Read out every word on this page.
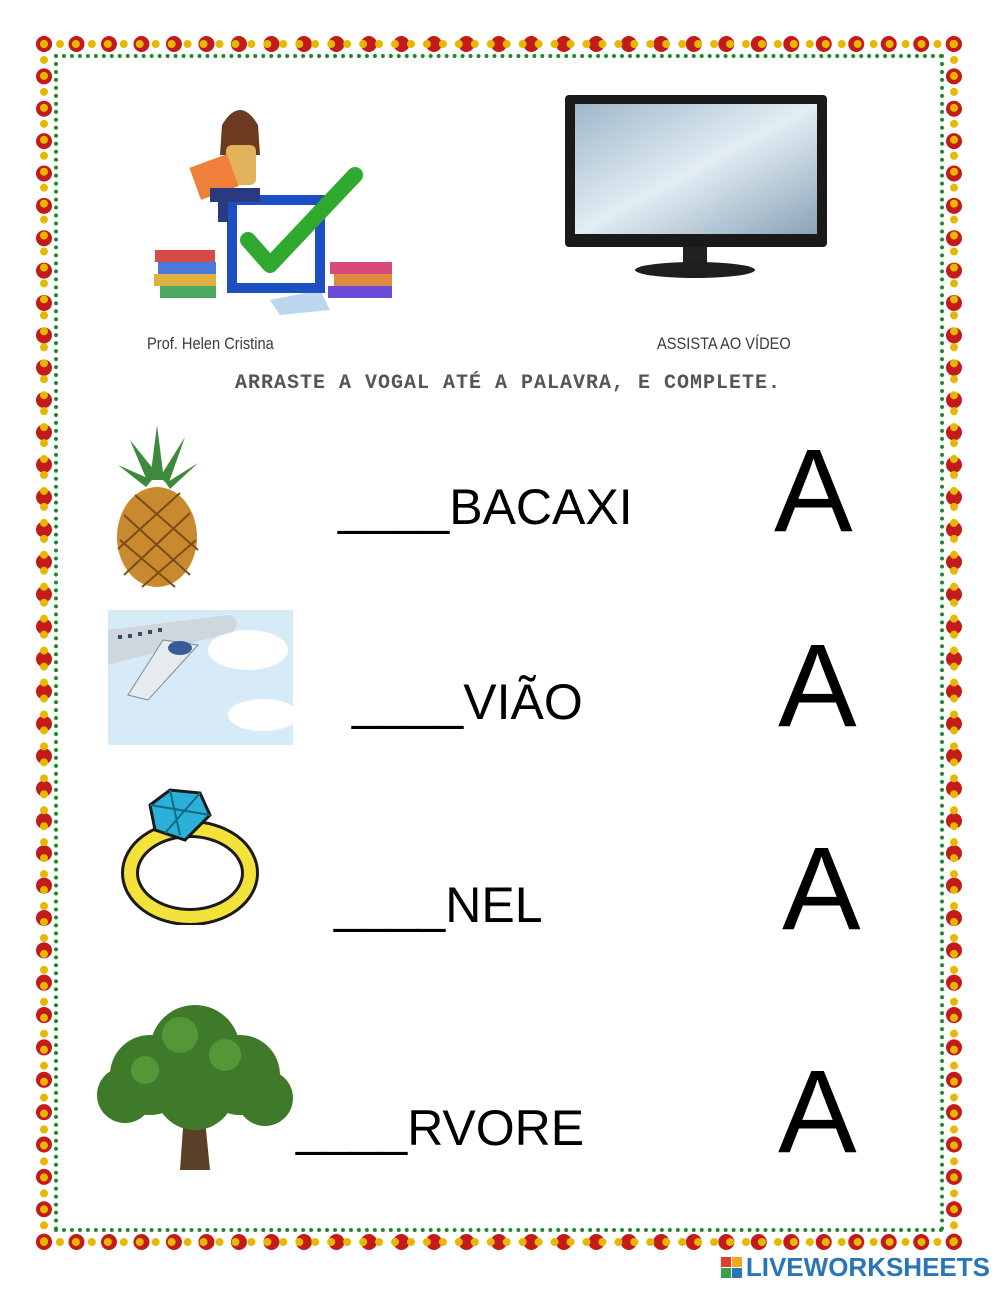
Prof. Helen Cristina	ASSISTA AO VÍDEO
ARRASTE A VOGAL ATÉ A PALAVRA, E COMPLETE.
____BACAXI A
____VIÃO A
____NEL A
____RVORE A
LIVEWORKSHEETS
